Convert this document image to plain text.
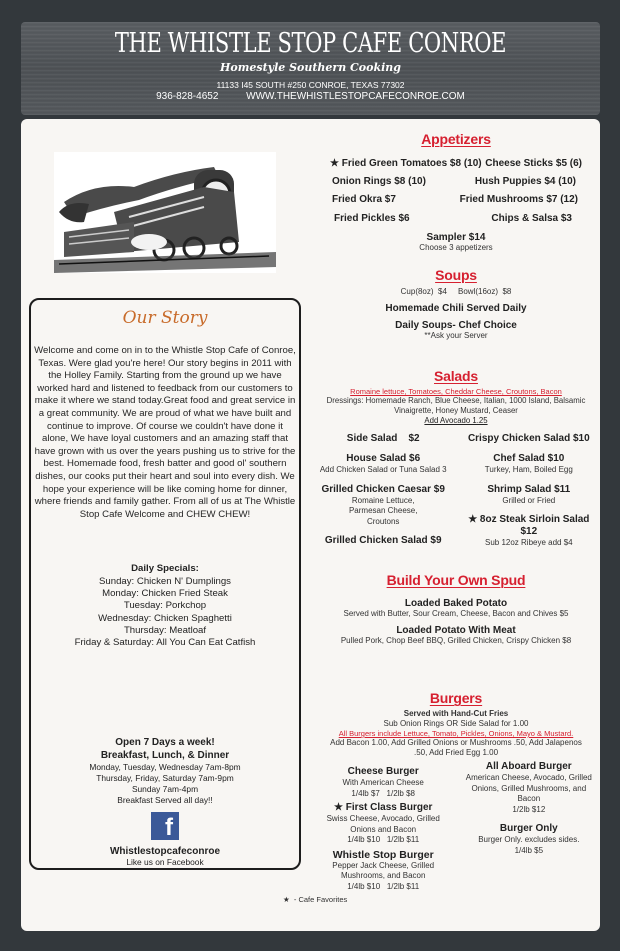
THE WHISTLE STOP CAFE CONROE
Homestyle Southern Cooking
11133 I45 SOUTH #250 CONROE, TEXAS 77302
936-828-4652	WWW.THEWHISTLESTOPCAFECONROE.COM
Our Story
Welcome and come on in to the Whistle Stop Cafe of Conroe, Texas. Were glad you're here! Our story begins in 2011 with the Holley Family. Starting from the ground up we have worked hard and listened to feedback from our customers to make it where we stand today.Great food and great service in a great community. We are proud of what we have built and continue to improve. Of course we couldn't have done it alone, We have loyal customers and an amazing staff that have grown with us over the years pushing us to strive for the best. Homemade food, fresh batter and good ol' southern dishes, our cooks put their heart and soul into every dish. We hope your experience will be like coming home for dinner, where friends and family gather. From all of us at The Whistle Stop Cafe Welcome and CHEW CHEW!
Daily Specials:
Sunday: Chicken N' Dumplings
Monday: Chicken Fried Steak
Tuesday: Porkchop
Wednesday: Chicken Spaghetti
Thursday: Meatloaf
Friday & Saturday: All You Can Eat Catfish
Open 7 Days a week!
Breakfast, Lunch, & Dinner
Monday, Tuesday, Wednesday 7am-8pm
Thursday, Friday, Saturday 7am-9pm
Sunday 7am-4pm
Breakfast Served all day!!
f
Whistlestopcafeconroe
Like us on Facebook
Appetizers
★ Fried Green Tomatoes $8 (10) Cheese Sticks $5 (6)
Onion Rings $8 (10)	Hush Puppies $4 (10)
Fried Okra $7	Fried Mushrooms $7 (12)
Fried Pickles $6	Chips & Salsa $3
Sampler $14
Choose 3 appetizers
Soups
Cup(8oz)  $4     Bowl(16oz)  $8
Homemade Chili Served Daily
Daily Soups- Chef Choice
**Ask your Server
Salads
Romaine lettuce, Tomatoes, Cheddar Cheese, Croutons, Bacon
Dressings: Homemade Ranch, Blue Cheese, Italian, 1000 Island, Balsamic Vinaigrette, Honey Mustard, Ceaser
Add Avocado 1.25
Side Salad    $2
House Salad $6
Add Chicken Salad or Tuna Salad 3
Grilled Chicken Caesar $9
Romaine Lettuce, Parmesan Cheese, Croutons
Grilled Chicken Salad $9
Crispy Chicken Salad $10
Chef Salad $10
Turkey, Ham, Boiled Egg
Shrimp Salad $11
Grilled or Fried
★ 8oz Steak Sirloin Salad $12
Sub 12oz Ribeye add $4
Build Your Own Spud
Loaded Baked Potato
Served with Butter, Sour Cream, Cheese, Bacon and Chives $5
Loaded Potato With Meat
Pulled Pork, Chop Beef BBQ, Grilled Chicken, Crispy Chicken $8
Burgers
Served with Hand-Cut Fries
Sub Onion Rings OR Side Salad for 1.00
All Burgers include Lettuce, Tomato, Pickles, Onions, Mayo & Mustard.
Add Bacon 1.00, Add Grilled Onions or Mushrooms .50, Add Jalapenos .50, Add Fried Egg 1.00
Cheese Burger
With American Cheese
1/4lb $7   1/2lb $8
★ First Class Burger
Swiss Cheese, Avocado, Grilled Onions and Bacon
1/4lb $10   1/2lb $11
Whistle Stop Burger
Pepper Jack Cheese, Grilled Mushrooms, and Bacon
1/4lb $10   1/2lb $11
All Aboard Burger
American Cheese, Avocado, Grilled Onions, Grilled Mushrooms, and Bacon
1/2lb $12
Burger Only
Burger Only. excludes sides.
1/4lb $5
★  - Cafe Favorites
